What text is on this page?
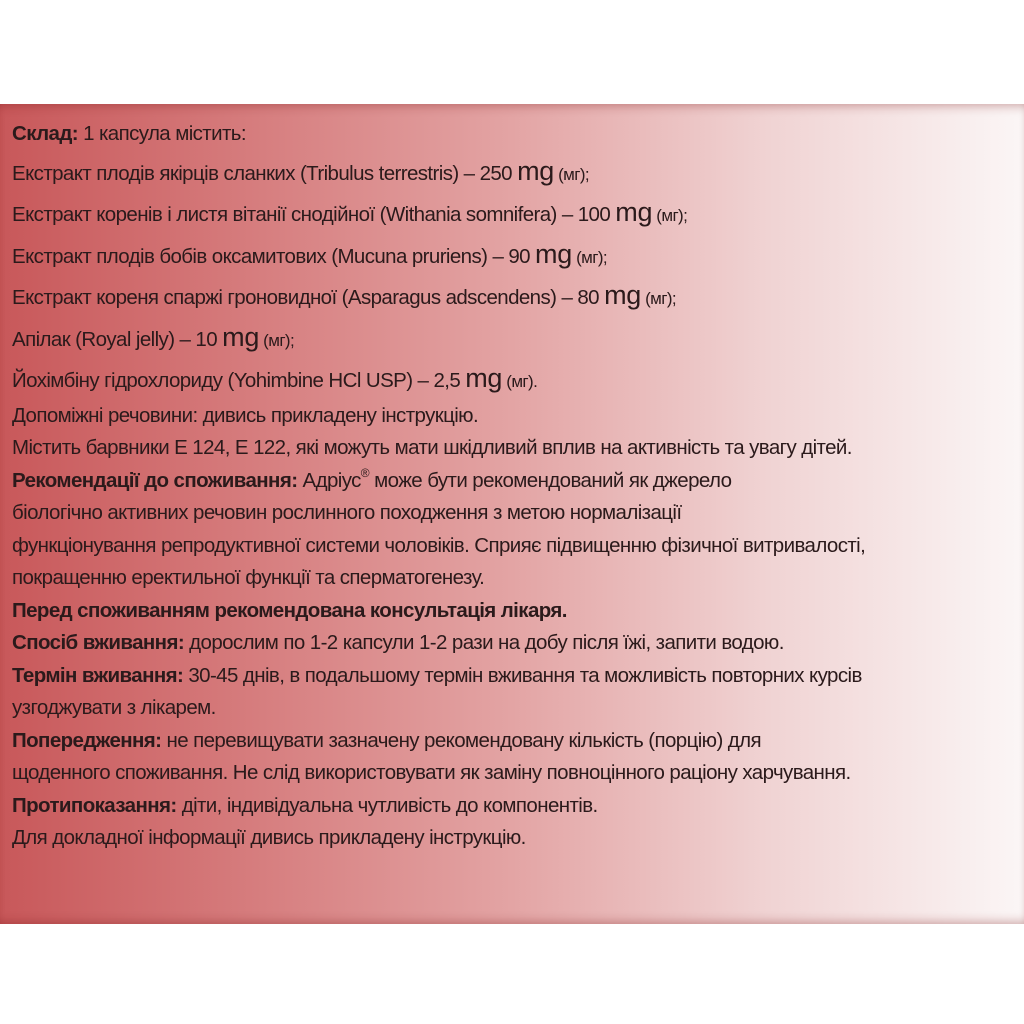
Склад: 1 капсула містить:
Екстракт плодів якірців сланких (Tribulus terrestris) – 250 mg (мг);
Екстракт коренів і листя вітанії снодійної (Withania somnifera) – 100 mg (мг);
Екстракт плодів бобів оксамитових (Mucuna pruriens) – 90 mg (мг);
Екстракт кореня спаржі гроновидної (Asparagus adscendens) – 80 mg (мг);
Апілак (Royal jelly) – 10 mg (мг);
Йохімбіну гідрохлориду (Yohimbine HCl USP) – 2,5 mg (мг).
Допоміжні речовини: дивись прикладену інструкцію.
Містить барвники Е 124, Е 122, які можуть мати шкідливий вплив на активність та увагу дітей.
Рекомендації до споживання: Адріус® може бути рекомендований як джерело
біологічно активних речовин рослинного походження з метою нормалізації
функціонування репродуктивної системи чоловіків. Сприяє підвищенню фізичної витривалості,
покращенню еректильної функції та сперматогенезу.
Перед споживанням рекомендована консультація лікаря.
Спосіб вживання: дорослим по 1-2 капсули 1-2 рази на добу після їжі, запити водою.
Термін вживання: 30-45 днів, в подальшому термін вживання та можливість повторних курсів
узгоджувати з лікарем.
Попередження: не перевищувати зазначену рекомендовану кількість (порцію) для
щоденного споживання. Не слід використовувати як заміну повноцінного раціону харчування.
Протипоказання: діти, індивідуальна чутливість до компонентів.
Для докладної інформації дивись прикладену інструкцію.
